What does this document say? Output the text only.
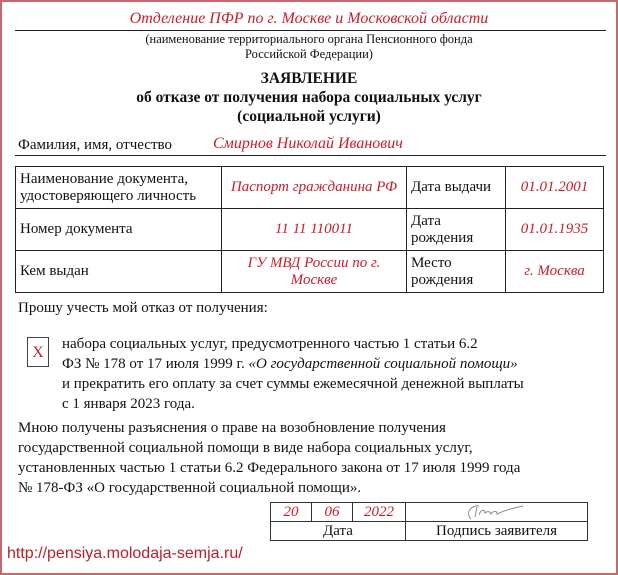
Отделение ПФР по г. Москве и Московской области
(наименование территориального органа Пенсионного фонда
Российской Федерации)
ЗАЯВЛЕНИЕ
об отказе от получения набора социальных услуг
(социальной услуги)
Фамилия, имя, отчество	Смирнов Николай Иванович
Наименование документа, удостоверяющего личность	Паспорт гражданина РФ	Дата выдачи	01.01.2001
Номер документа	11 11 110011	Дата рождения	01.01.1935
Кем выдан	ГУ МВД России по г. Москве	Место рождения	г. Москва
Прошу учесть мой отказ от получения:
X	набора социальных услуг, предусмотренного частью 1 статьи 6.2
ФЗ № 178 от 17 июля 1999 г. «О государственной социальной помощи»
и прекратить его оплату за счет суммы ежемесячной денежной выплаты
с 1 января 2023 года.
Мною получены разъяснения о праве на возобновление получения
государственной социальной помощи в виде набора социальных услуг,
установленных частью 1 статьи 6.2 Федерального закона от 17 июля 1999 года
№ 178-ФЗ «О государственной социальной помощи».
20	06	2022	

Дата			Подпись заявителя
http://pensiya.molodaja-semja.ru/
